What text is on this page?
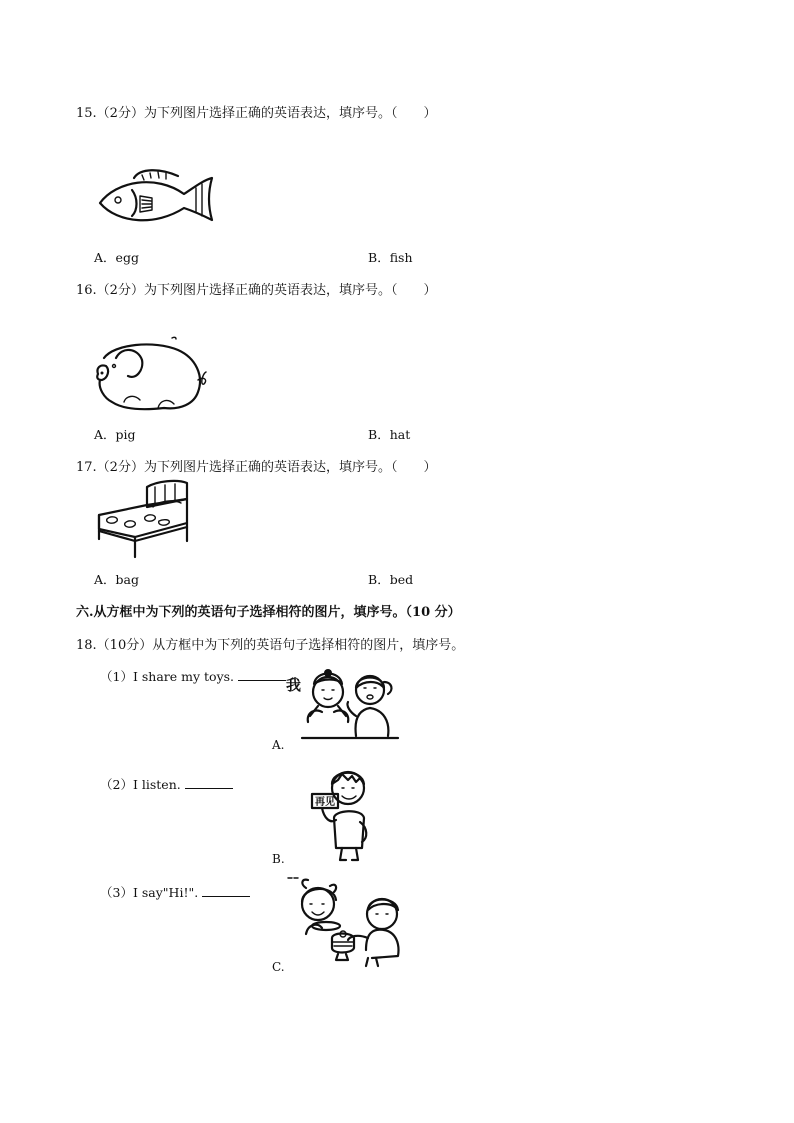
15.（2分）为下列图片选择正确的英语表达，填序号。（　　）
A．egg	B．fish
16.（2分）为下列图片选择正确的英语表达，填序号。（　　）
A．pig	B．hat
17.（2分）为下列图片选择正确的英语表达，填序号。（　　）
A．bag	B．bed
六.从方框中为下列的英语句子选择相符的图片，填序号。（10 分）
18.（10分）从方框中为下列的英语句子选择相符的图片，填序号。
（1）I share my toys.
（2）I listen.
（3）I say"Hi!".
我
A.
再见
B.
C.
